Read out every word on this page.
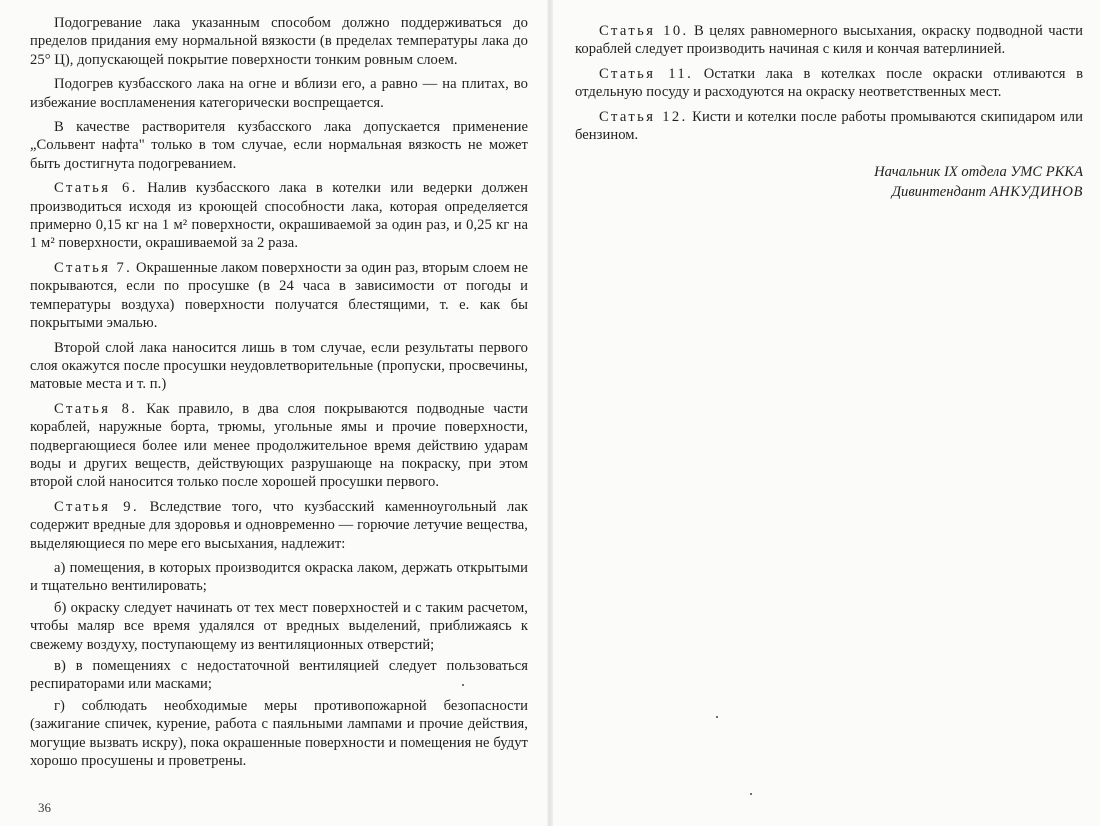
Подогревание лака указанным способом должно поддерживаться до пределов придания ему нормальной вязкости (в пределах температуры лака до 25° Ц), допускающей покрытие поверхности тонким ровным слоем.

Подогрев кузбасского лака на огне и вблизи его, а равно — на плитах, во избежание воспламенения категорически воспрещается.

В качестве растворителя кузбасского лака допускается применение „Сольвент нафта" только в том случае, если нормальная вязкость не может быть достигнута подогреванием.

Статья 6. Налив кузбасского лака в котелки или ведерки должен производиться исходя из кроющей способности лака, которая определяется примерно 0,15 кг на 1 м² поверхности, окрашиваемой за один раз, и 0,25 кг на 1 м² поверхности, окрашиваемой за 2 раза.

Статья 7. Окрашенные лаком поверхности за один раз, вторым слоем не покрываются, если по просушке (в 24 часа в зависимости от погоды и температуры воздуха) поверхности получатся блестящими, т. е. как бы покрытыми эмалью.

Второй слой лака наносится лишь в том случае, если результаты первого слоя окажутся после просушки неудовлетворительные (пропуски, просвечины, матовые места и т. п.)

Статья 8. Как правило, в два слоя покрываются подводные части кораблей, наружные борта, трюмы, угольные ямы и прочие поверхности, подвергающиеся более или менее продолжительное время действию ударам воды и других веществ, действующих разрушающе на покраску, при этом второй слой наносится только после хорошей просушки первого.

Статья 9. Вследствие того, что кузбасский каменноугольный лак содержит вредные для здоровья и одновременно — горючие летучие вещества, выделяющиеся по мере его высыхания, надлежит:

а) помещения, в которых производится окраска лаком, держать открытыми и тщательно вентилировать;

б) окраску следует начинать от тех мест поверхностей и с таким расчетом, чтобы маляр все время удалялся от вредных выделений, приближаясь к свежему воздуху, поступающему из вентиляционных отверстий;

в) в помещениях с недостаточной вентиляцией следует пользоваться респираторами или масками;

г) соблюдать необходимые меры противопожарной безопасности (зажигание спичек, курение, работа с паяльными лампами и прочие действия, могущие вызвать искру), пока окрашенные поверхности и помещения не будут хорошо просушены и проветрены.

36

Статья 10. В целях равномерного высыхания, окраску подводной части кораблей следует производить начиная с киля и кончая ватерлинией.

Статья 11. Остатки лака в котелках после окраски отливаются в отдельную посуду и расходуются на окраску неответственных мест.

Статья 12. Кисти и котелки после работы промываются скипидаром или бензином.

Начальник IX отдела УМС РККА
Дивинтендант АНКУДИНОВ
